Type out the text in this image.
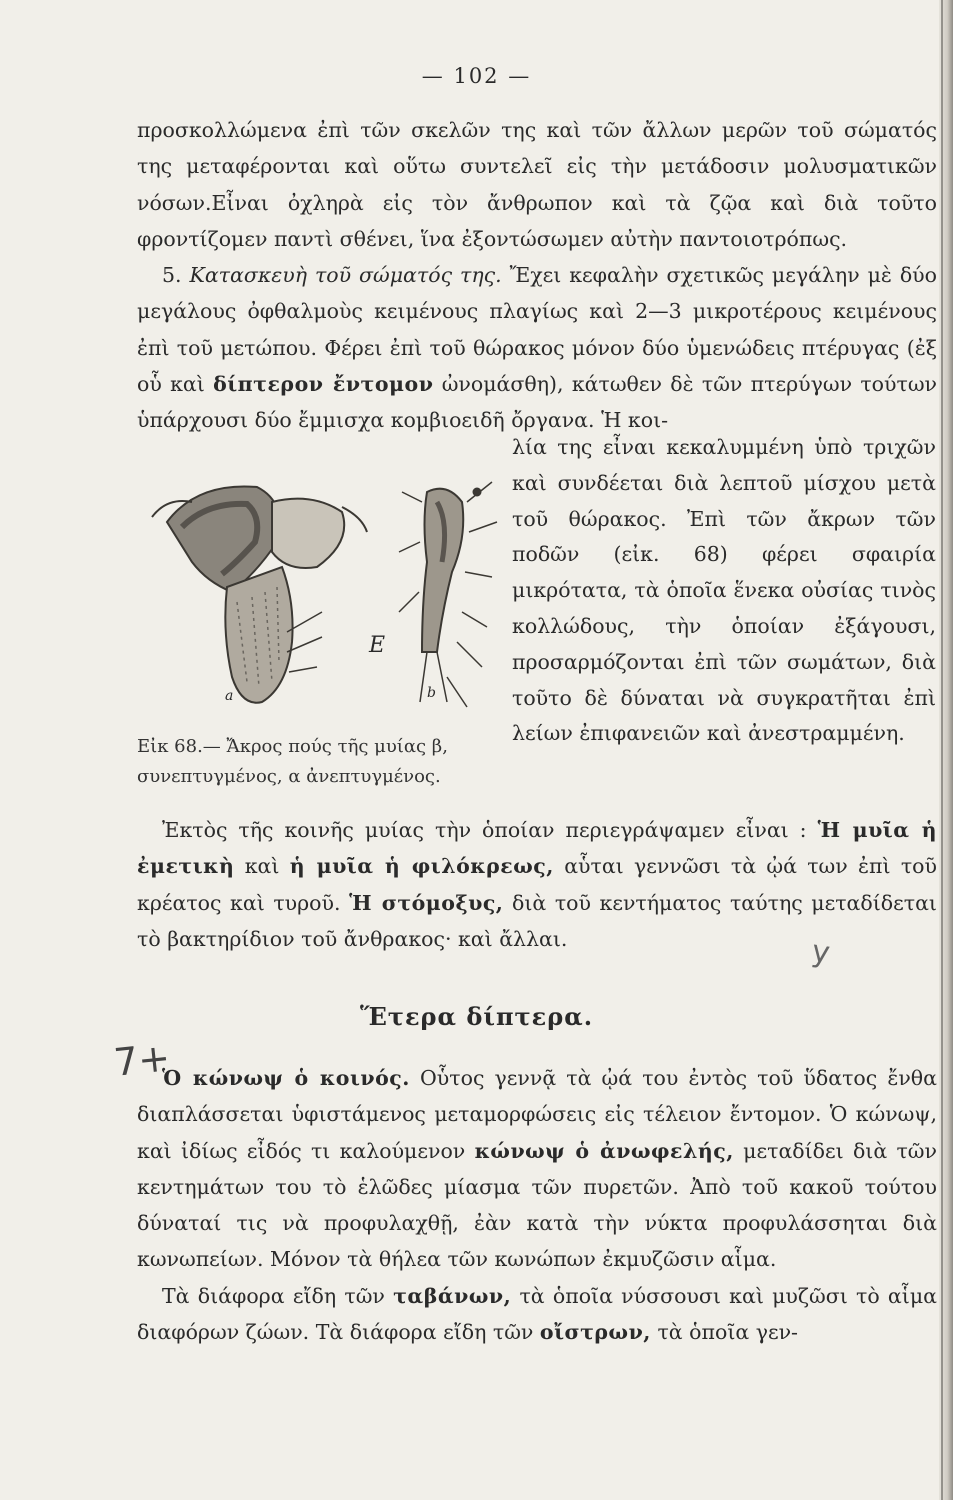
— 102 —

προσκολλώμενα ἐπὶ τῶν σκελῶν της καὶ τῶν ἄλλων μερῶν τοῦ σώματός της μεταφέρονται καὶ οὕτω συντελεῖ εἰς τὴν μετάδοσιν μολυσματικῶν νόσων.Εἶναι ὀχληρὰ εἰς τὸν ἄνθρωπον καὶ τὰ ζῷα καὶ διὰ τοῦτο φροντίζομεν παντὶ σθένει, ἵνα ἐξοντώσωμεν αὐτὴν παντοιοτρόπως.

5. Κατασκευὴ τοῦ σώματός της. Ἔχει κεφαλὴν σχετικῶς μεγάλην μὲ δύο μεγάλους ὀφθαλμοὺς κειμένους πλαγίως καὶ 2—3 μικροτέρους κειμένους ἐπὶ τοῦ μετώπου. Φέρει ἐπὶ τοῦ θώρακος μόνον δύο ὑμενώδεις πτέρυγας (ἐξ οὗ καὶ δίπτερον ἔντομον ὠνομάσθη), κάτωθεν δὲ τῶν πτερύγων τούτων ὑπάρχουσι δύο ἔμμισχα κομβιοειδῆ ὄργανα. Ἡ κοι-

E
a	b
λία της εἶναι κεκαλυμμένη ὑπὸ τριχῶν καὶ συνδέεται διὰ λεπτοῦ μίσχου μετὰ τοῦ θώρακος. Ἐπὶ τῶν ἄκρων τῶν ποδῶν (εἰκ. 68) φέρει σφαιρία μικρότατα, τὰ ὁποῖα ἕνεκα οὐσίας τινὸς κολλώδους, τὴν ὁποίαν ἐξάγουσι, προσαρμόζονται ἐπὶ τῶν σωμάτων, διὰ τοῦτο δὲ δύναται νὰ συγκρατῆται ἐπὶ λείων ἐπιφανειῶν καὶ ἀνεστραμμένη.
Εἰκ 68.— Ἄκρος πούς τῆς μυίας β, συνεπτυγμένος, α ἀνεπτυγμένος.

Ἐκτὸς τῆς κοινῆς μυίας τὴν ὁποίαν περιεγράψαμεν εἶναι : Ἡ μυῖα ἡ ἐμετικὴ καὶ ἡ μυῖα ἡ φιλόκρεως, αὗται γεννῶσι τὰ ᾠά των ἐπὶ τοῦ κρέατος καὶ τυροῦ. Ἡ στόμοξυς, διὰ τοῦ κεντήματος ταύτης μεταδίδεται τὸ βακτηρίδιον τοῦ ἄνθρακος· καὶ ἄλλαι.	y
Ἕτερα δίπτερα.
7+

Ὁ κώνωψ ὁ κοινός. Οὗτος γεννᾷ τὰ ᾠά του ἐντὸς τοῦ ὕδατος ἔνθα διαπλάσσεται ὑφιστάμενος μεταμορφώσεις εἰς τέλειον ἔντομον. Ὁ κώνωψ, καὶ ἰδίως εἶδός τι καλούμενον κώνωψ ὁ ἀνωφελής, μεταδίδει διὰ τῶν κεντημάτων του τὸ ἑλῶδες μίασμα τῶν πυρετῶν. Ἀπὸ τοῦ κακοῦ τούτου δύναταί τις νὰ προφυλαχθῇ, ἐὰν κατὰ τὴν νύκτα προφυλάσσηται διὰ κωνωπείων. Μόνον τὰ θήλεα τῶν κωνώπων ἐκμυζῶσιν αἷμα.

Τὰ διάφορα εἴδη τῶν ταβάνων, τὰ ὁποῖα νύσσουσι καὶ μυζῶσι τὸ αἷμα διαφόρων ζώων. Τὰ διάφορα εἴδη τῶν οἴστρων, τὰ ὁποῖα γεν-
